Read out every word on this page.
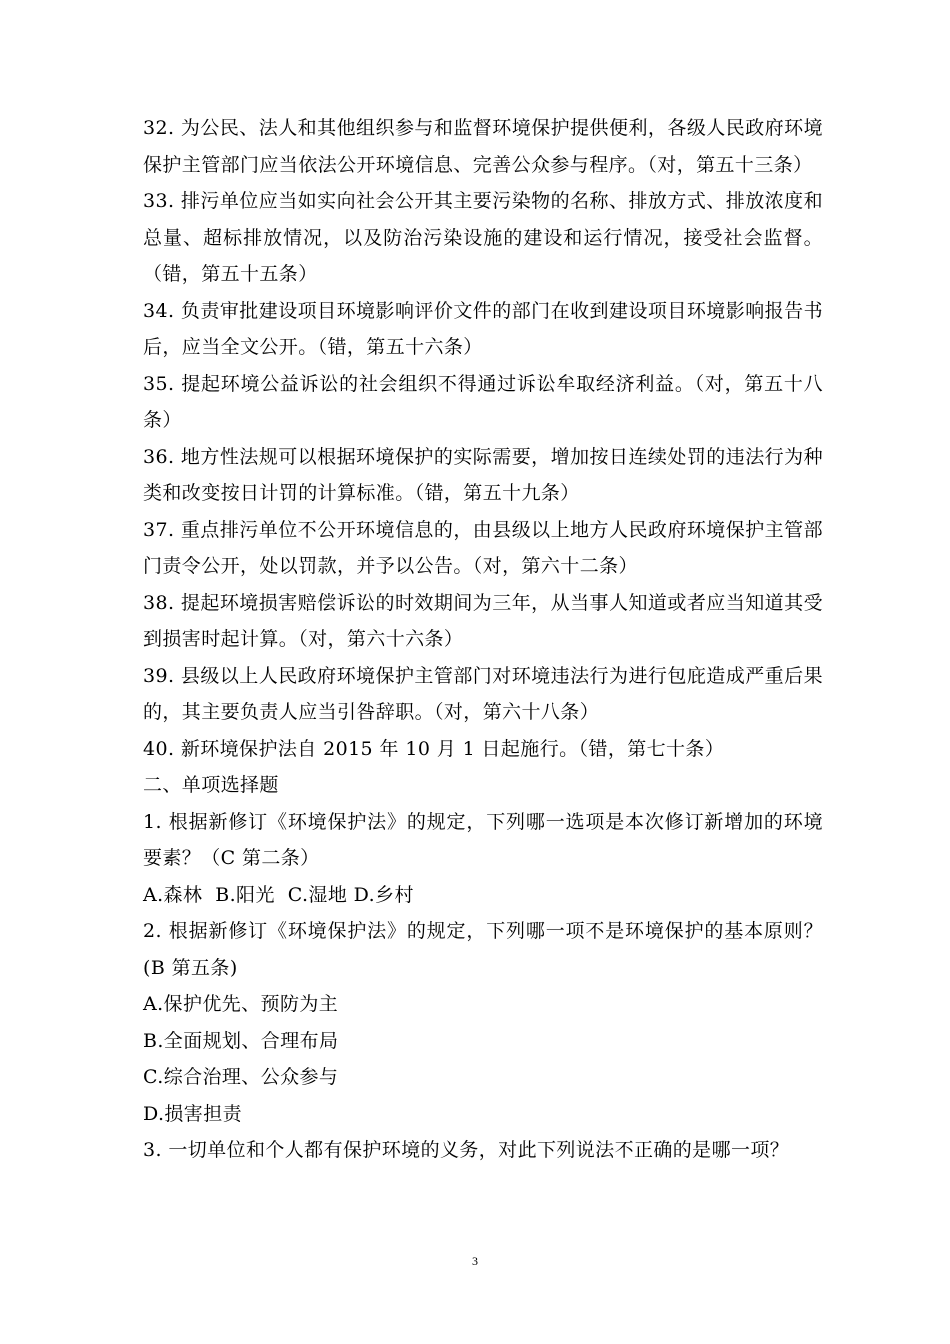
32. 为公民、法人和其他组织参与和监督环境保护提供便利，各级人民政府环境保护主管部门应当依法公开环境信息、完善公众参与程序。（对，第五十三条）

33. 排污单位应当如实向社会公开其主要污染物的名称、排放方式、排放浓度和总量、超标排放情况，以及防治污染设施的建设和运行情况，接受社会监督。（错，第五十五条）

34. 负责审批建设项目环境影响评价文件的部门在收到建设项目环境影响报告书后，应当全文公开。（错，第五十六条）

35. 提起环境公益诉讼的社会组织不得通过诉讼牟取经济利益。（对，第五十八条）

36. 地方性法规可以根据环境保护的实际需要，增加按日连续处罚的违法行为种类和改变按日计罚的计算标准。（错，第五十九条）

37. 重点排污单位不公开环境信息的，由县级以上地方人民政府环境保护主管部门责令公开，处以罚款，并予以公告。（对，第六十二条）

38. 提起环境损害赔偿诉讼的时效期间为三年，从当事人知道或者应当知道其受到损害时起计算。（对，第六十六条）

39. 县级以上人民政府环境保护主管部门对环境违法行为进行包庇造成严重后果的，其主要负责人应当引咎辞职。（对，第六十八条）

40. 新环境保护法自 2015 年 10 月 1 日起施行。（错，第七十条）

二、单项选择题

1. 根据新修订《环境保护法》的规定，下列哪一选项是本次修订新增加的环境要素？（C 第二条）

A.森林  B.阳光  C.湿地 D.乡村

2. 根据新修订《环境保护法》的规定，下列哪一项不是环境保护的基本原则？(B 第五条)

A.保护优先、预防为主

B.全面规划、合理布局

C.综合治理、公众参与

D.损害担责

3. 一切单位和个人都有保护环境的义务，对此下列说法不正确的是哪一项？

3
